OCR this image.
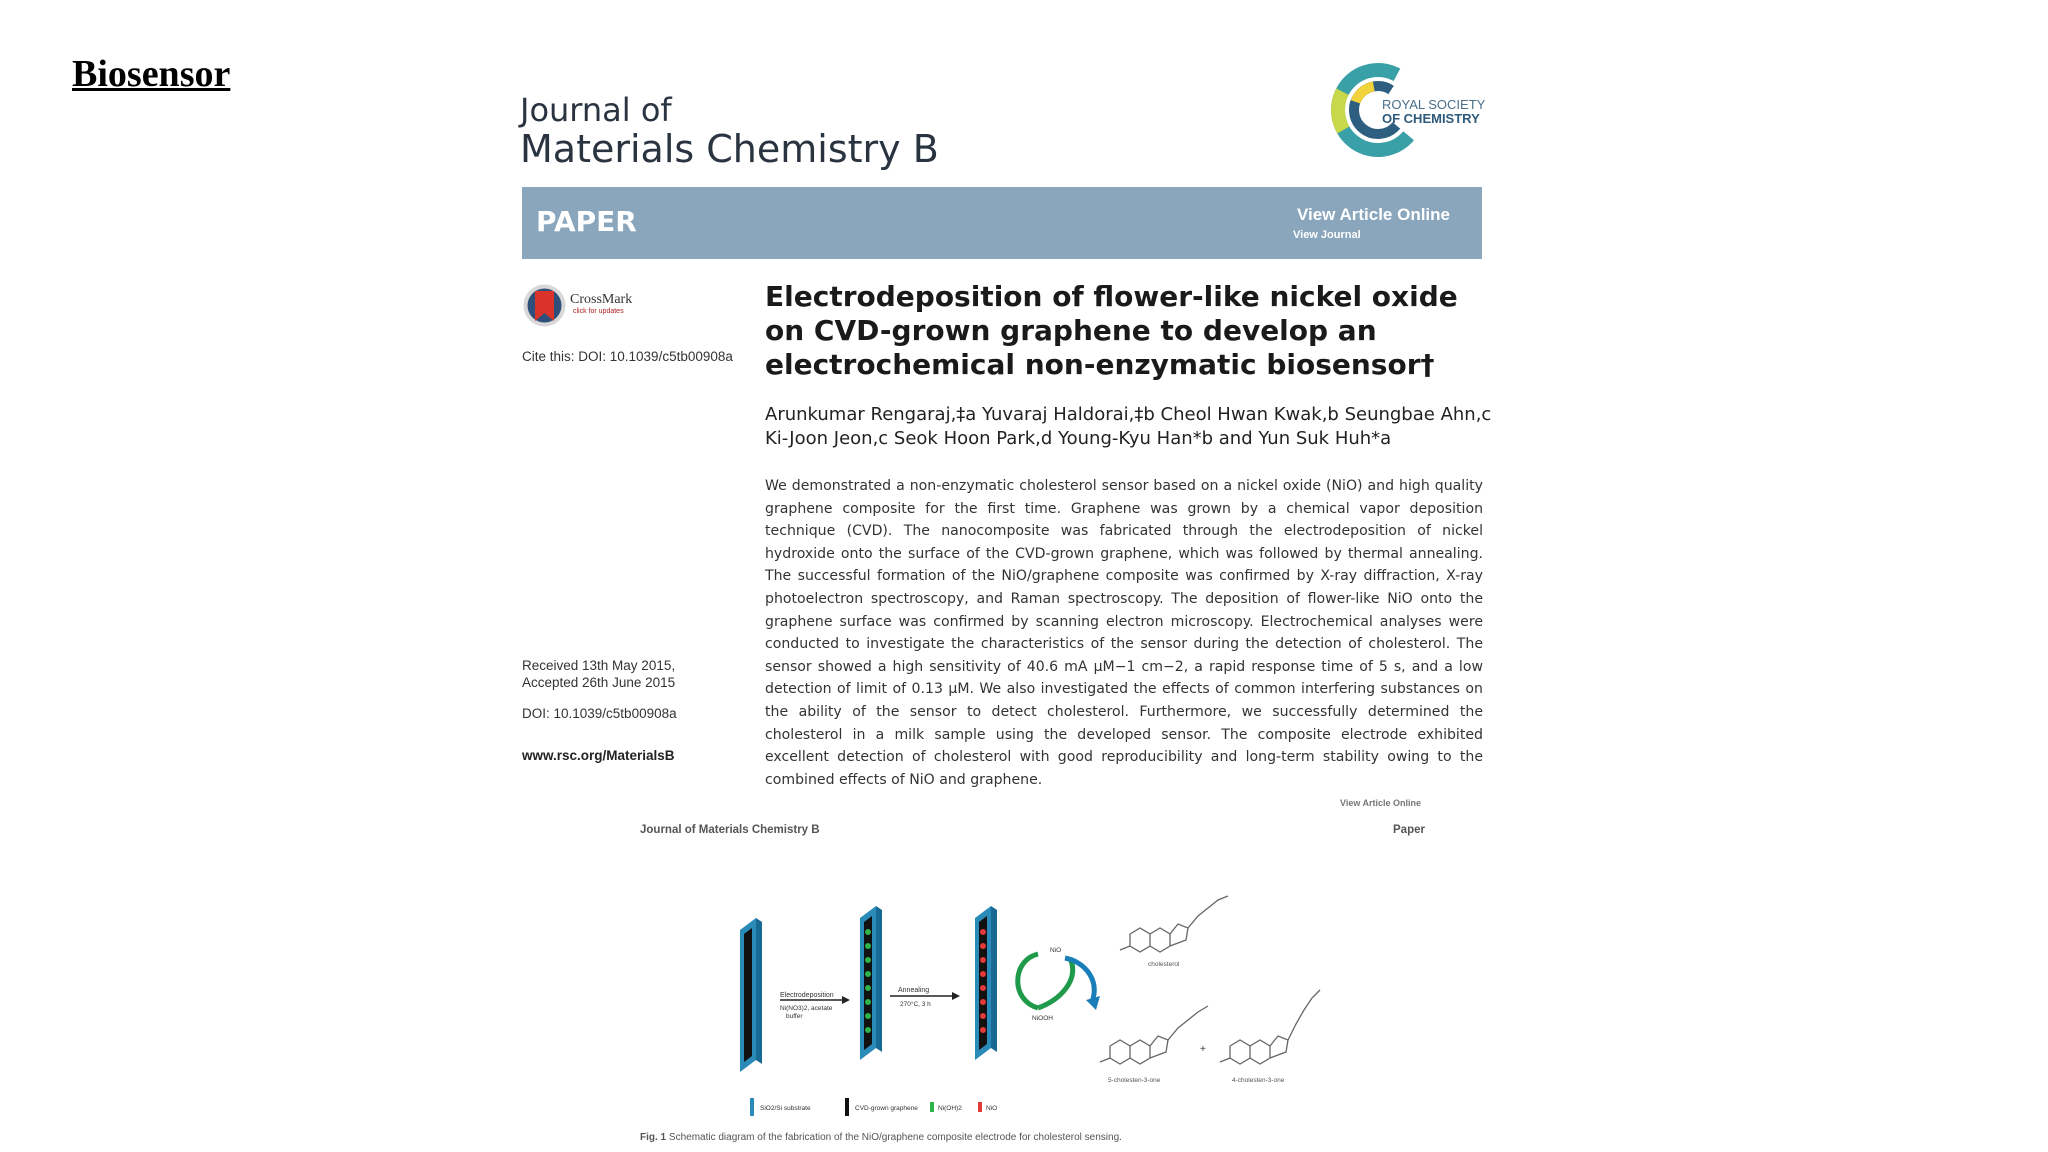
Biosensor
Journal of
Materials Chemistry B
ROYAL SOCIETY
OF CHEMISTRY
PAPER	View Article Online
View Journal
CrossMark
click for updates
Cite this: DOI: 10.1039/c5tb00908a
Electrodeposition of flower-like nickel oxide on CVD-grown graphene to develop an electrochemical non-enzymatic biosensor†
Arunkumar Rengaraj,‡a Yuvaraj Haldorai,‡b Cheol Hwan Kwak,b Seungbae Ahn,c
Ki-Joon Jeon,c Seok Hoon Park,d Young-Kyu Han*b and Yun Suk Huh*a
We demonstrated a non-enzymatic cholesterol sensor based on a nickel oxide (NiO) and high quality graphene composite for the first time. Graphene was grown by a chemical vapor deposition technique (CVD). The nanocomposite was fabricated through the electrodeposition of nickel hydroxide onto the surface of the CVD-grown graphene, which was followed by thermal annealing. The successful formation of the NiO/graphene composite was confirmed by X-ray diffraction, X-ray photoelectron spectroscopy, and Raman spectroscopy. The deposition of flower-like NiO onto the graphene surface was confirmed by scanning electron microscopy. Electrochemical analyses were conducted to investigate the characteristics of the sensor during the detection of cholesterol. The sensor showed a high sensitivity of 40.6 mA μM−1 cm−2, a rapid response time of 5 s, and a low detection of limit of 0.13 μM. We also investigated the effects of common interfering substances on the ability of the sensor to detect cholesterol. Furthermore, we successfully determined the cholesterol in a milk sample using the developed sensor. The composite electrode exhibited excellent detection of cholesterol with good reproducibility and long-term stability owing to the combined effects of NiO and graphene.
Received 13th May 2015,
Accepted 26th June 2015
DOI: 10.1039/c5tb00908a
www.rsc.org/MaterialsB
View Article Online
Journal of Materials Chemistry B	Paper
Electrodeposition
Ni(NO3)2, acetate
buffer
Annealing
270°C, 3 h
NiO
NiOOH
cholesterol
5-cholesten-3-one
+
4-cholesten-3-one
SiO2/Si substrate	CVD-grown graphene	Ni(OH)2	NiO
Fig. 1 Schematic diagram of the fabrication of the NiO/graphene composite electrode for cholesterol sensing.
